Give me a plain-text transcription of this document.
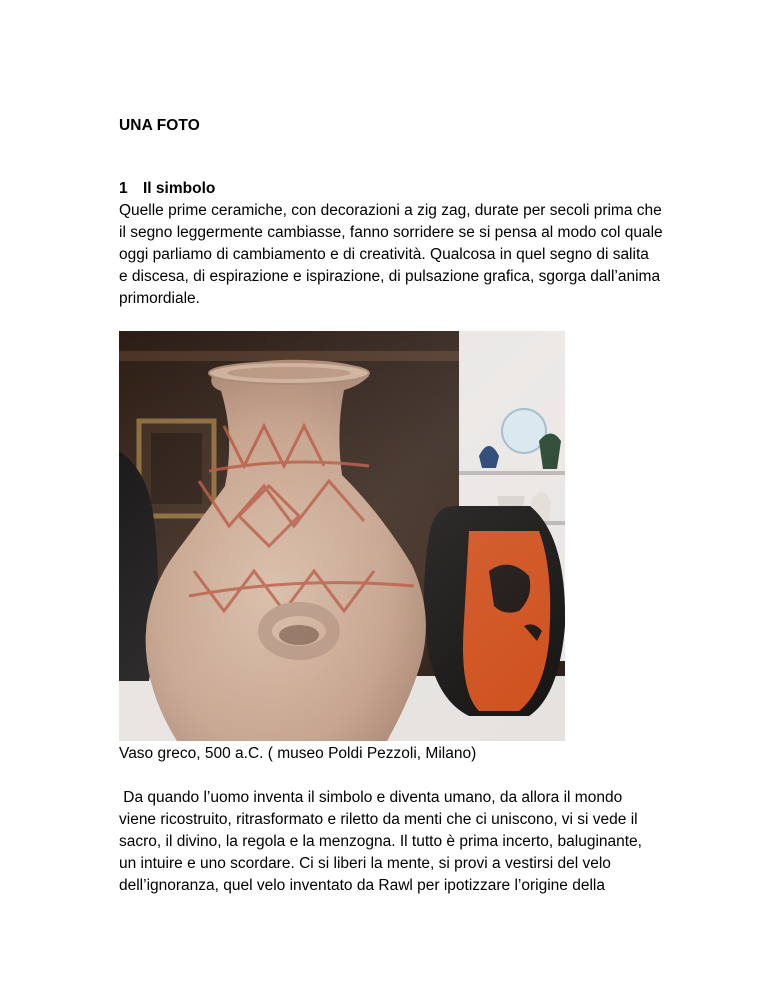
UNA FOTO
1 Il simbolo
Quelle prime ceramiche, con decorazioni a zig zag, durate per secoli prima che
il segno leggermente cambiasse, fanno sorridere se si pensa al modo col quale
oggi parliamo di cambiamento e di creatività. Qualcosa in quel segno di salita
e discesa, di espirazione e ispirazione, di pulsazione grafica, sgorga dall’anima
primordiale.
Vaso greco, 500 a.C. ( museo Poldi Pezzoli, Milano)
Da quando l’uomo inventa il simbolo e diventa umano, da allora il mondo
viene ricostruito, ritrasformato e riletto da menti che ci uniscono, vi si vede il
sacro, il divino, la regola e la menzogna. Il tutto è prima incerto, baluginante,
un intuire e uno scordare. Ci si liberi la mente, si provi a vestirsi del velo
dell’ignoranza, quel velo inventato da Rawl per ipotizzare l’origine della
